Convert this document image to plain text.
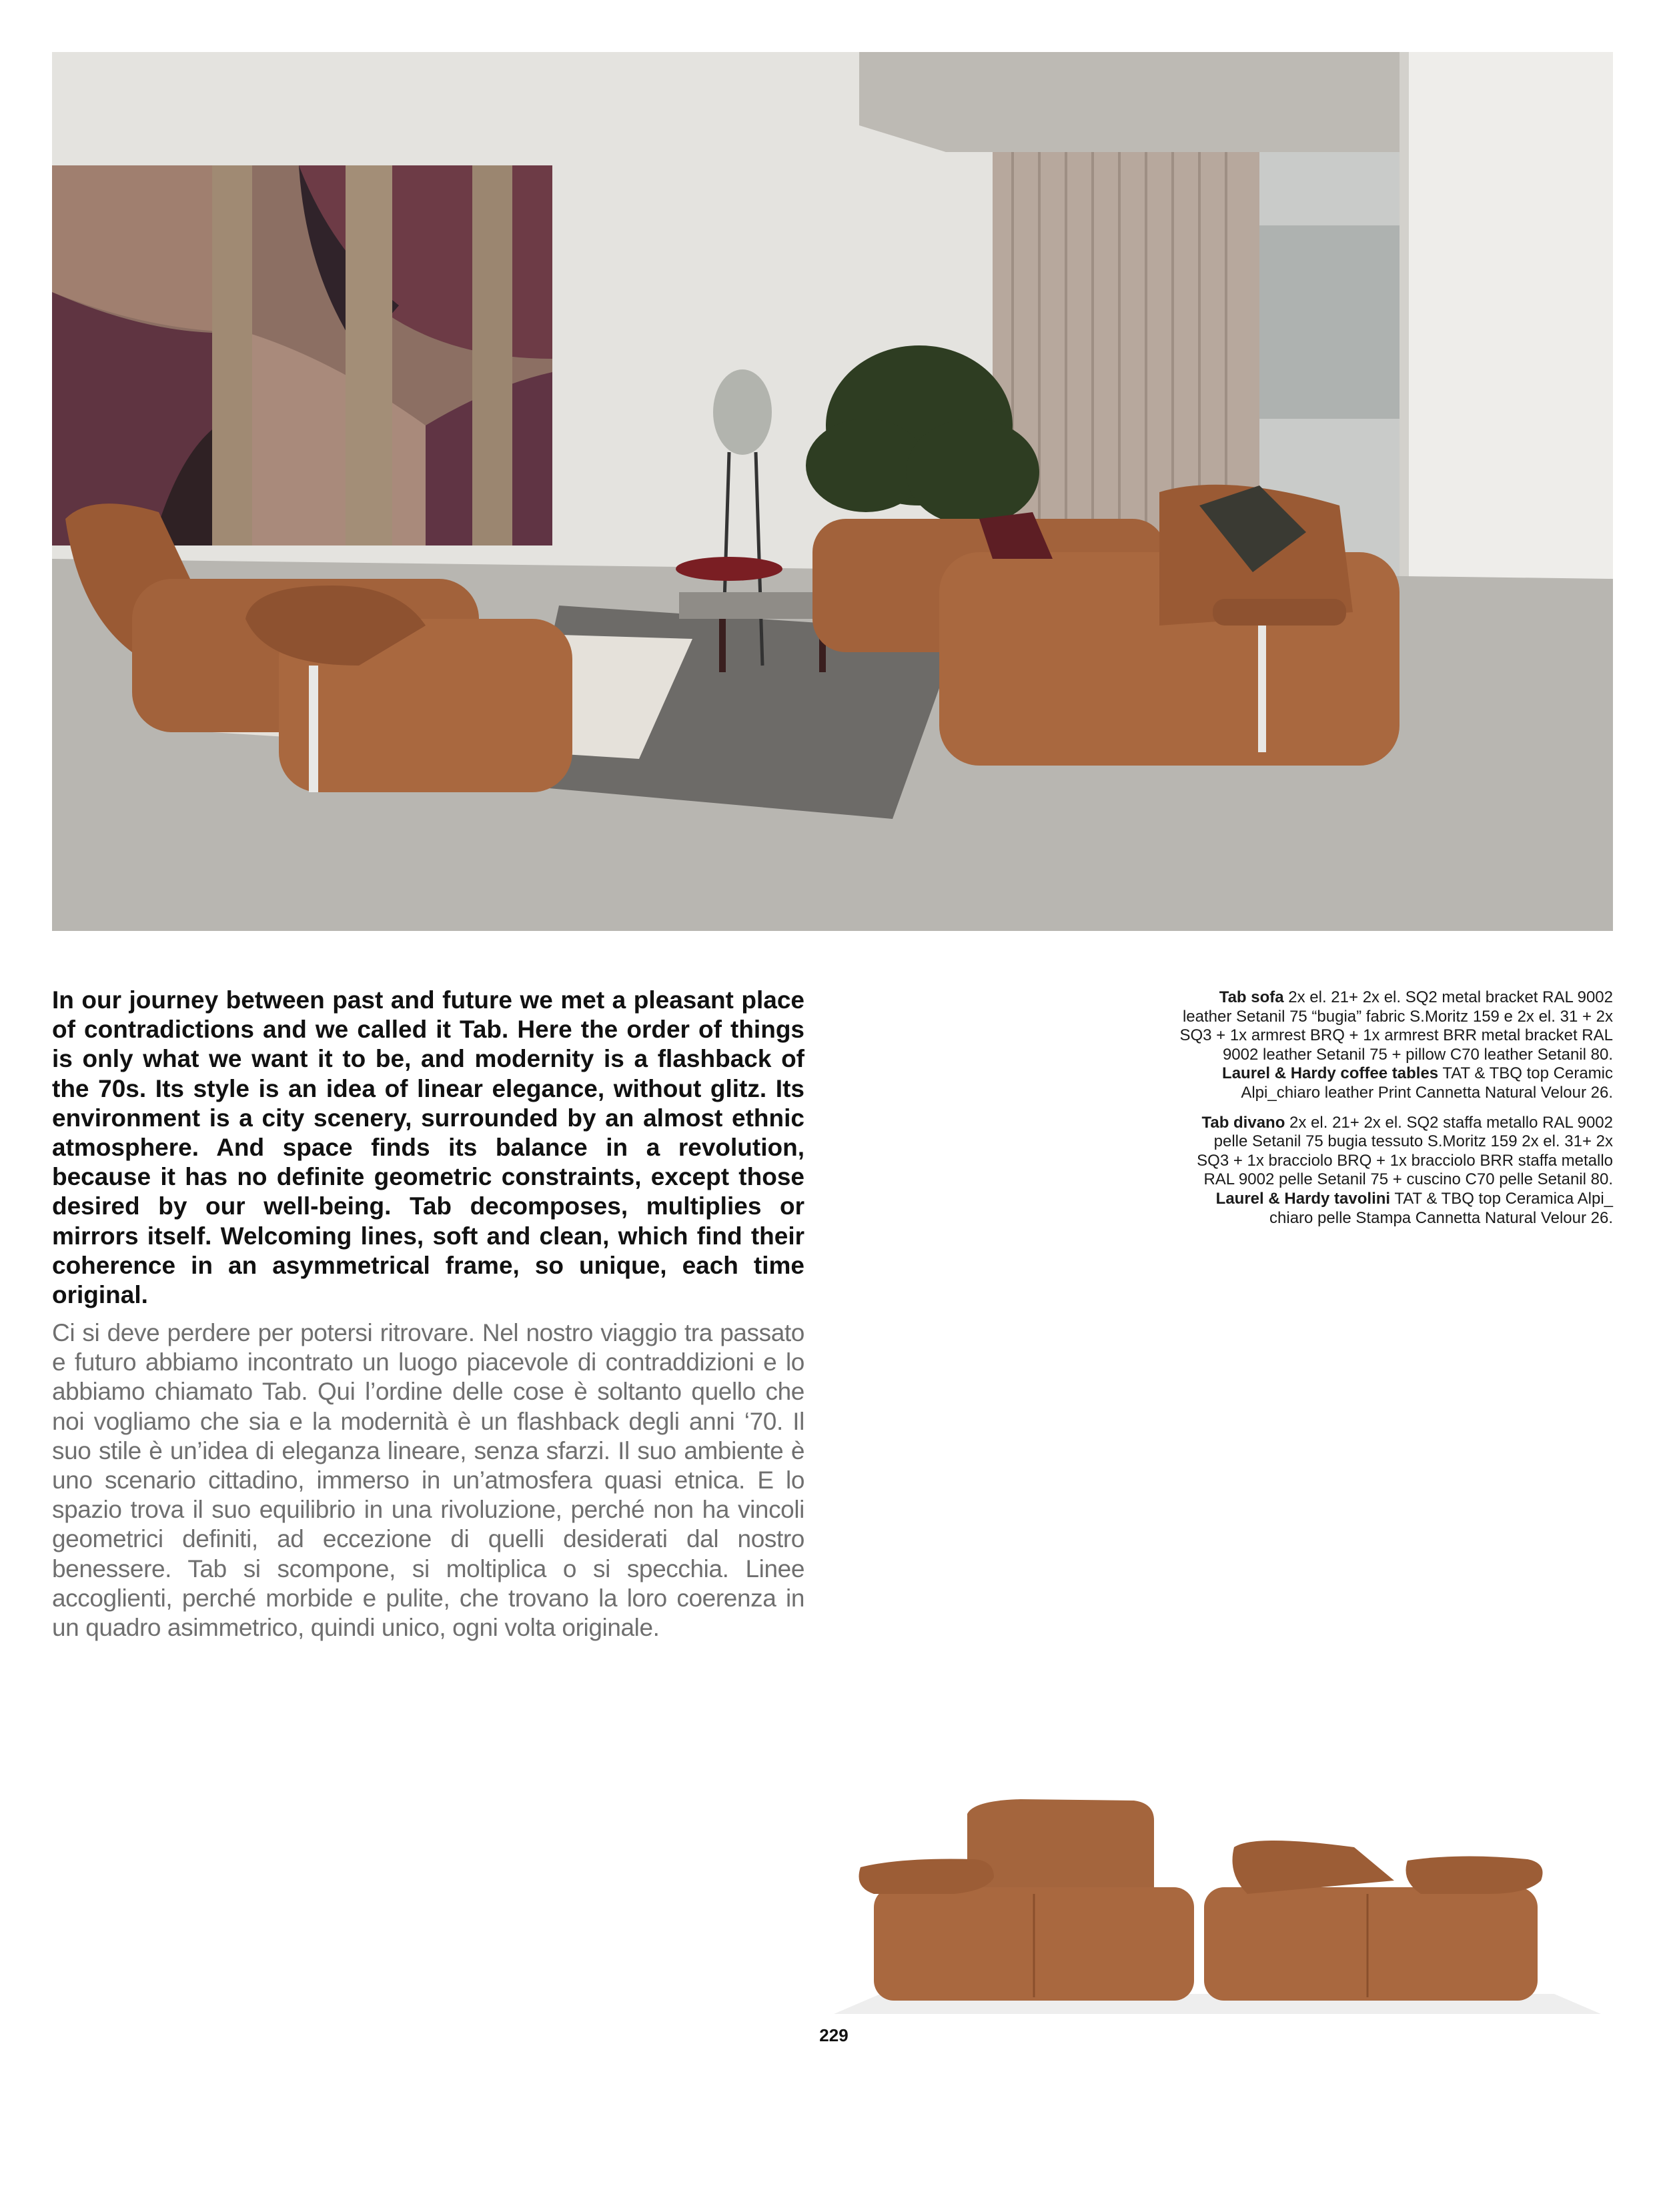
In our journey between past and future we met a pleasant place of contradictions and we called it Tab. Here the order of things is only what we want it to be, and modernity is a flashback of the 70s. Its style is an idea of linear elegance, without glitz. Its environment is a city scenery, surrounded by an almost ethnic atmosphere. And space finds its balance in a revolution, because it has no definite geometric constraints, except those desired by our well-being. Tab decomposes, multiplies or mirrors itself. Welcoming lines, soft and clean, which find their coherence in an asymmetrical frame, so unique, each time original.

Ci si deve perdere per potersi ritrovare. Nel nostro viaggio tra passato e futuro abbiamo incontrato un luogo piacevole di contraddizioni e lo abbiamo chiamato Tab. Qui l’ordine delle cose è soltanto quello che noi vogliamo che sia e la modernità è un flashback degli anni ‘70. Il suo stile è un’idea di eleganza lineare, senza sfarzi. Il suo ambiente è uno scenario cittadino, immerso in un’atmosfera quasi etnica. E lo spazio trova il suo equilibrio in una rivoluzione, perché non ha vincoli geometrici definiti, ad eccezione di quelli desiderati dal nostro benessere. Tab si scompone, si moltiplica o si specchia. Linee accoglienti, perché morbide e pulite, che trovano la loro coerenza in un quadro asimmetrico, quindi unico, ogni volta originale.

Tab sofa 2x el. 21+ 2x el. SQ2 metal bracket RAL 9002 leather Setanil 75 “bugia” fabric S.Moritz 159 e 2x el. 31 + 2x SQ3 + 1x armrest BRQ + 1x armrest BRR metal bracket RAL 9002 leather Setanil 75 + pillow C70 leather Setanil 80. Laurel & Hardy coffee tables TAT & TBQ top Ceramic Alpi_chiaro leather Print Cannetta Natural Velour 26.

Tab divano 2x el. 21+ 2x el. SQ2 staffa metallo RAL 9002 pelle Setanil 75 bugia tessuto S.Moritz 159 2x el. 31+ 2x SQ3 + 1x bracciolo BRQ + 1x bracciolo BRR staffa metallo RAL 9002 pelle Setanil 75 + cuscino C70 pelle Setanil 80. Laurel & Hardy tavolini TAT & TBQ top Ceramica Alpi_ chiaro pelle Stampa Cannetta Natural Velour 26.

229
